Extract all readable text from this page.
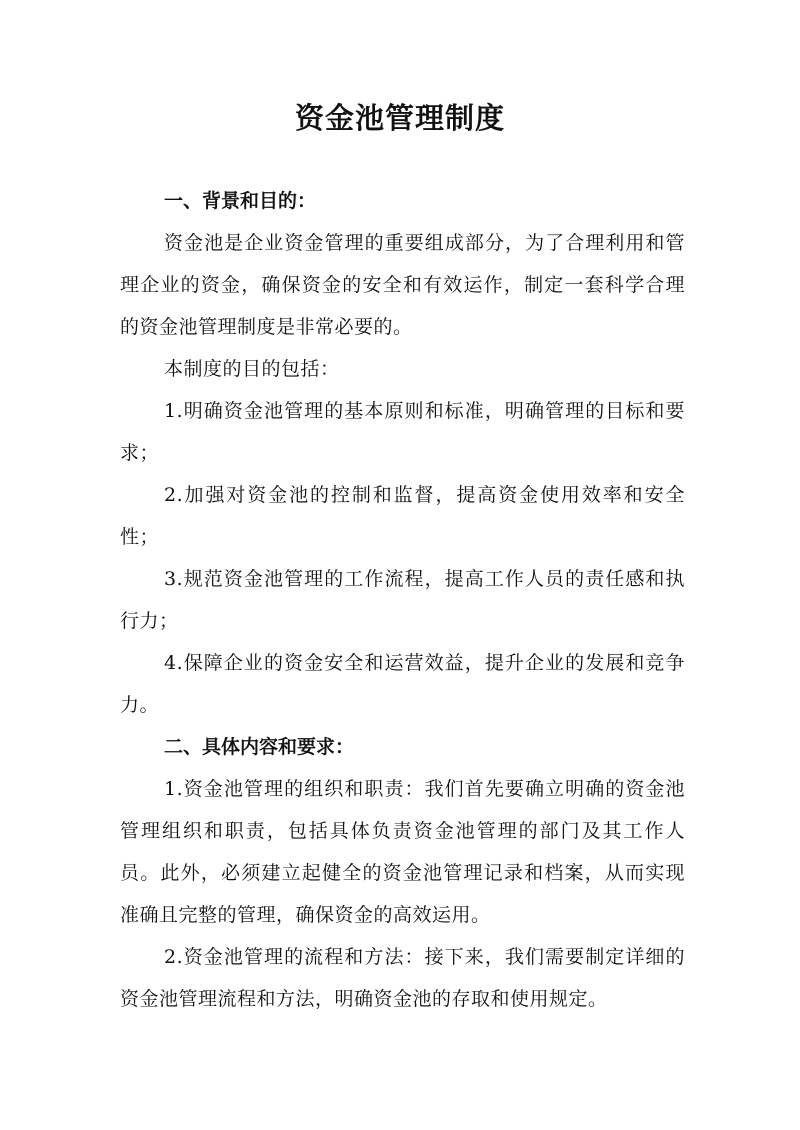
资金池管理制度

一、背景和目的：

资金池是企业资金管理的重要组成部分，为了合理利用和管理企业的资金，确保资金的安全和有效运作，制定一套科学合理的资金池管理制度是非常必要的。

本制度的目的包括：

1.明确资金池管理的基本原则和标准，明确管理的目标和要求；

2.加强对资金池的控制和监督，提高资金使用效率和安全性；

3.规范资金池管理的工作流程，提高工作人员的责任感和执行力；

4.保障企业的资金安全和运营效益，提升企业的发展和竞争力。

二、具体内容和要求：

1.资金池管理的组织和职责：我们首先要确立明确的资金池管理组织和职责，包括具体负责资金池管理的部门及其工作人员。此外，必须建立起健全的资金池管理记录和档案，从而实现准确且完整的管理，确保资金的高效运用。

2.资金池管理的流程和方法：接下来，我们需要制定详细的资金池管理流程和方法，明确资金池的存取和使用规定。
